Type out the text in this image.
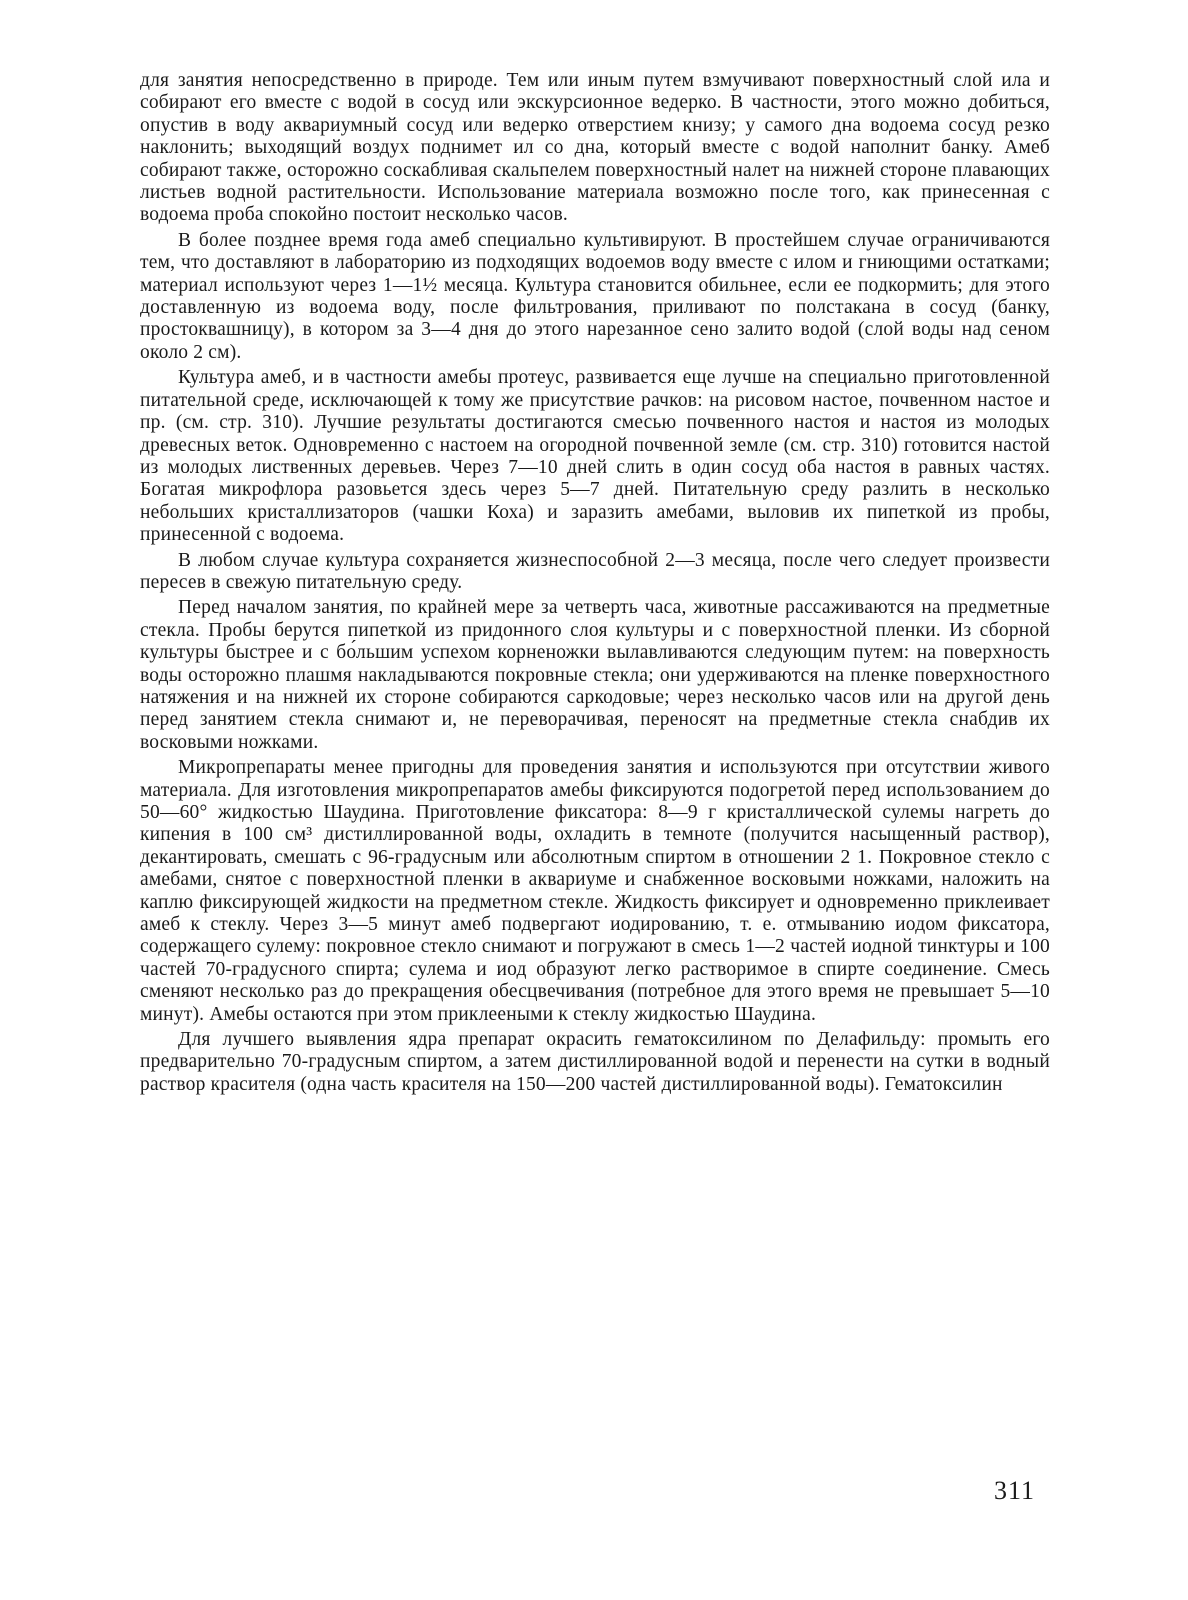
для занятия непосредственно в природе. Тем или иным путем взмучивают поверхностный слой ила и собирают его вместе с водой в сосуд или экскурсионное ведерко. В частности, этого можно добиться, опустив в воду аквариумный сосуд или ведерко отверстием книзу; у самого дна водоема сосуд резко наклонить; выходящий воздух поднимет ил со дна, который вместе с водой наполнит банку. Амеб собирают также, осторожно соскабливая скальпелем поверхностный налет на нижней стороне плавающих листьев водной растительности. Использование материала возможно после того, как принесенная с водоема проба спокойно постоит несколько часов.

В более позднее время года амеб специально культивируют. В простейшем случае ограничиваются тем, что доставляют в лабораторию из подходящих водоемов воду вместе с илом и гниющими остатками; материал используют через 1—1½ месяца. Культура становится обильнее, если ее подкормить; для этого доставленную из водоема воду, после фильтрования, приливают по полстакана в сосуд (банку, простоквашницу), в котором за 3—4 дня до этого нарезанное сено залито водой (слой воды над сеном около 2 см).

Культура амеб, и в частности амебы протеус, развивается еще лучше на специально приготовленной питательной среде, исключающей к тому же присутствие рачков: на рисовом настое, почвенном настое и пр. (см. стр. 310). Лучшие результаты достигаются смесью почвенного настоя и настоя из молодых древесных веток. Одновременно с настоем на огородной почвенной земле (см. стр. 310) готовится настой из молодых лиственных деревьев. Через 7—10 дней слить в один сосуд оба настоя в равных частях. Богатая микрофлора разовьется здесь через 5—7 дней. Питательную среду разлить в несколько небольших кристаллизаторов (чашки Коха) и заразить амебами, выловив их пипеткой из пробы, принесенной с водоема.

В любом случае культура сохраняется жизнеспособной 2—3 месяца, после чего следует произвести пересев в свежую питательную среду.

Перед началом занятия, по крайней мере за четверть часа, животные рассаживаются на предметные стекла. Пробы берутся пипеткой из придонного слоя культуры и с поверхностной пленки. Из сборной культуры быстрее и с бо́льшим успехом корненожки вылавливаются следующим путем: на поверхность воды осторожно плашмя накладываются покровные стекла; они удерживаются на пленке поверхностного натяжения и на нижней их стороне собираются саркодовые; через несколько часов или на другой день перед занятием стекла снимают и, не переворачивая, переносят на предметные стекла снабдив их восковыми ножками.

Микропрепараты менее пригодны для проведения занятия и используются при отсутствии живого материала. Для изготовления микропрепаратов амебы фиксируются подогретой перед использованием до 50—60° жидкостью Шаудина. Приготовление фиксатора: 8—9 г кристаллической сулемы нагреть до кипения в 100 см³ дистиллированной воды, охладить в темноте (получится насыщенный раствор), декантировать, смешать с 96-градусным или абсолютным спиртом в отношении 2 1. Покровное стекло с амебами, снятое с поверхностной пленки в аквариуме и снабженное восковыми ножками, наложить на каплю фиксирующей жидкости на предметном стекле. Жидкость фиксирует и одновременно приклеивает амеб к стеклу. Через 3—5 минут амеб подвергают иодированию, т. е. отмыванию иодом фиксатора, содержащего сулему: покровное стекло снимают и погружают в смесь 1—2 частей иодной тинктуры и 100 частей 70-градусного спирта; сулема и иод образуют легко растворимое в спирте соединение. Смесь сменяют несколько раз до прекращения обесцвечивания (потребное для этого время не превышает 5—10 минут). Амебы остаются при этом приклееными к стеклу жидкостью Шаудина.

Для лучшего выявления ядра препарат окрасить гематоксилином по Делафильду: промыть его предварительно 70-градусным спиртом, а затем дистиллированной водой и перенести на сутки в водный раствор красителя (одна часть красителя на 150—200 частей дистиллированной воды). Гематоксилин

311
